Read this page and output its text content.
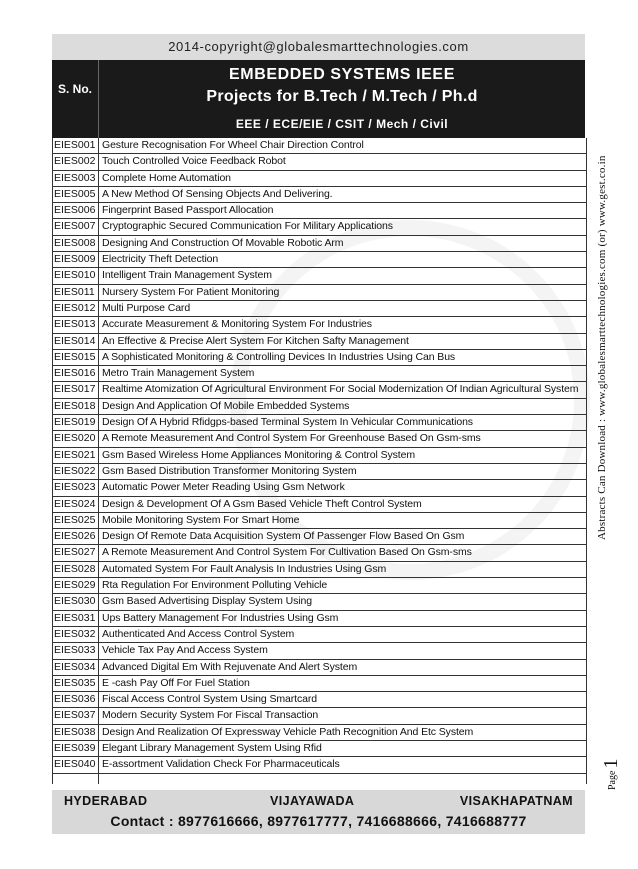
2014-copyright@globalesmarttechnologies.com
S. No.
EMBEDDED SYSTEMS IEEE
Projects for B.Tech / M.Tech / Ph.d
EEE / ECE/EIE / CSIT / Mech / Civil
EIES001 Gesture Recognisation For Wheel Chair Direction Control
EIES002 Touch Controlled Voice Feedback Robot
EIES003 Complete Home Automation
EIES005 A New Method Of Sensing Objects And Delivering.
EIES006 Fingerprint Based Passport Allocation
EIES007 Cryptographic Secured Communication For Military Applications
EIES008 Designing And Construction Of Movable Robotic Arm
EIES009 Electricity Theft Detection
EIES010 Intelligent Train Management System
EIES011 Nursery System For Patient Monitoring
EIES012 Multi Purpose Card
EIES013 Accurate Measurement & Monitoring System For Industries
EIES014 An Effective & Precise Alert System For Kitchen Safty Management
EIES015 A Sophisticated Monitoring & Controlling Devices In Industries Using Can Bus
EIES016 Metro Train Management System
EIES017 Realtime Atomization Of Agricultural Environment For Social Modernization Of Indian Agricultural System
EIES018 Design And Application Of Mobile Embedded Systems
EIES019 Design Of A Hybrid Rfidgps-based Terminal System In Vehicular Communications
EIES020 A Remote Measurement And Control System For Greenhouse Based On Gsm-sms
EIES021 Gsm Based Wireless Home Appliances Monitoring & Control System
EIES022 Gsm Based Distribution Transformer Monitoring System
EIES023 Automatic Power Meter Reading Using Gsm Network
EIES024 Design & Development Of A Gsm Based Vehicle Theft Control System
EIES025 Mobile Monitoring System For Smart Home
EIES026 Design Of Remote Data Acquisition System Of Passenger Flow Based On Gsm
EIES027 A Remote Measurement And Control System For Cultivation Based On Gsm-sms
EIES028 Automated System For Fault Analysis In Industries Using Gsm
EIES029 Rta Regulation For Environment Polluting Vehicle
EIES030 Gsm Based Advertising Display System Using
EIES031 Ups Battery Management For Industries Using Gsm
EIES032 Authenticated And Access Control System
EIES033 Vehicle Tax Pay And Access System
EIES034 Advanced Digital Em With Rejuvenate And Alert System
EIES035 E -cash Pay Off For Fuel Station
EIES036 Fiscal Access Control System Using Smartcard
EIES037 Modern Security System For Fiscal Transaction
EIES038 Design And Realization Of Expressway Vehicle Path Recognition And Etc System
EIES039 Elegant Library Management System Using Rfid
EIES040 E-assortment Validation Check For Pharmaceuticals
HYDERABAD	VIJAYAWADA	VISAKHAPATNAM
Contact : 8977616666, 8977617777, 7416688666, 7416688777
Abstracts Can Download : www.globalesmarttechnologies.com (or) www.gest.co.in
Page1
